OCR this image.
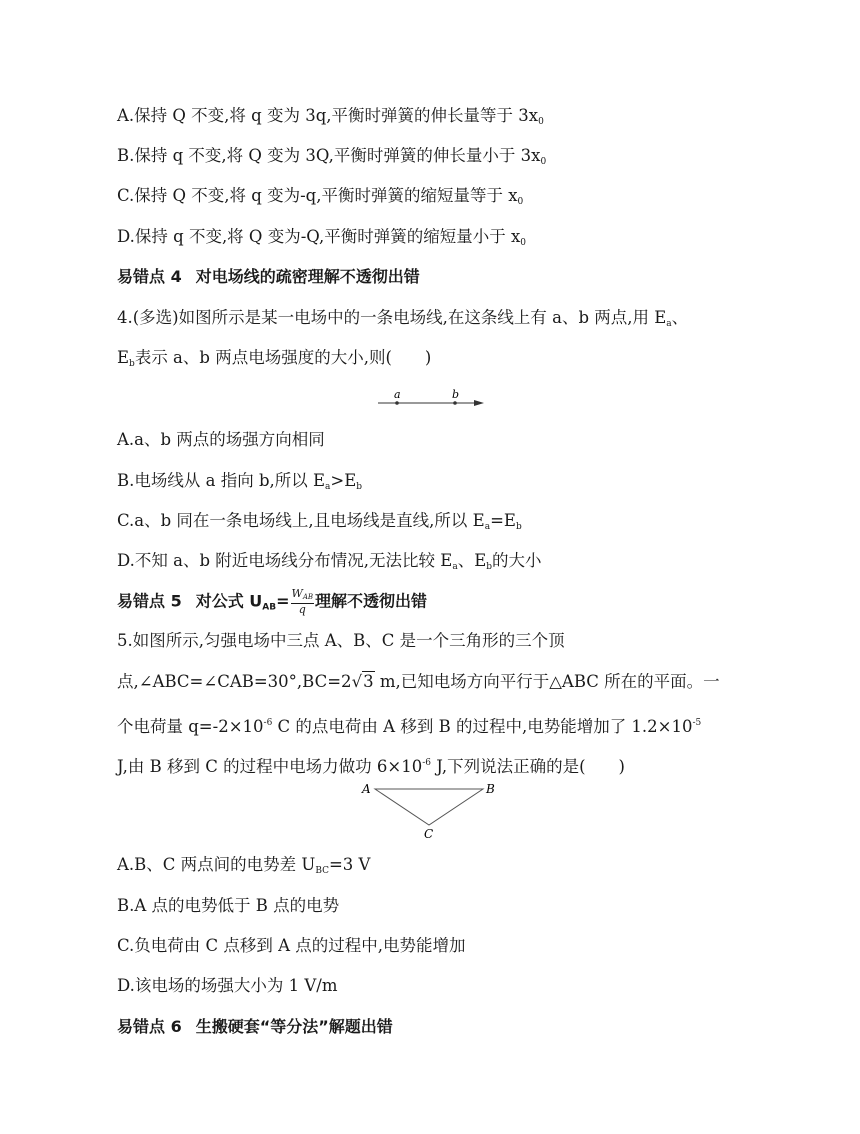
A.保持 Q 不变,将 q 变为 3q,平衡时弹簧的伸长量等于 $3x_0$
B.保持 q 不变,将 Q 变为 3Q,平衡时弹簧的伸长量小于 $3x_0$
C.保持 Q 不变,将 q 变为-q,平衡时弹簧的缩短量等于 $x_0$
D.保持 q 不变,将 Q 变为-Q,平衡时弹簧的缩短量小于 $x_0$
易错点 4 对电场线的疏密理解不透彻出错
4.(多选)如图所示是某一电场中的一条电场线,在这条线上有 a、b 两点,用 $E_a$、
$E_b$表示 a、b 两点电场强度的大小,则(　　)
a	b
A.a、b 两点的场强方向相同
B.电场线从 a 指向 b,所以 $E_a>E_b$
C.a、b 同在一条电场线上,且电场线是直线,所以 $E_a=E_b$
D.不知 a、b 附近电场线分布情况,无法比较 $E_a$、$E_b$的大小
易错点 5 对公式 $U_{AB}= \frac{W_{AB}}{q}$ 理解不透彻出错
5.如图所示,匀强电场中三点 A、B、C 是一个三角形的三个顶
点,∠ABC=∠CAB=30°,BC=2√3 m,已知电场方向平行于△ABC 所在的平面。一
个电荷量 $q=-2\times 10^{-6}$ C 的点电荷由 A 移到 B 的过程中,电势能增加了 $1.2\times 10^{-5}$
J,由 B 移到 C 的过程中电场力做功 $6\times 10^{-6}$ J,下列说法正确的是(　　)
A	B
C
A.B、C 两点间的电势差 $U_{BC}=3$ V
B.A 点的电势低于 B 点的电势
C.负电荷由 C 点移到 A 点的过程中,电势能增加
D.该电场的场强大小为 1 V/m
易错点 6 生搬硬套“等分法”解题出错
